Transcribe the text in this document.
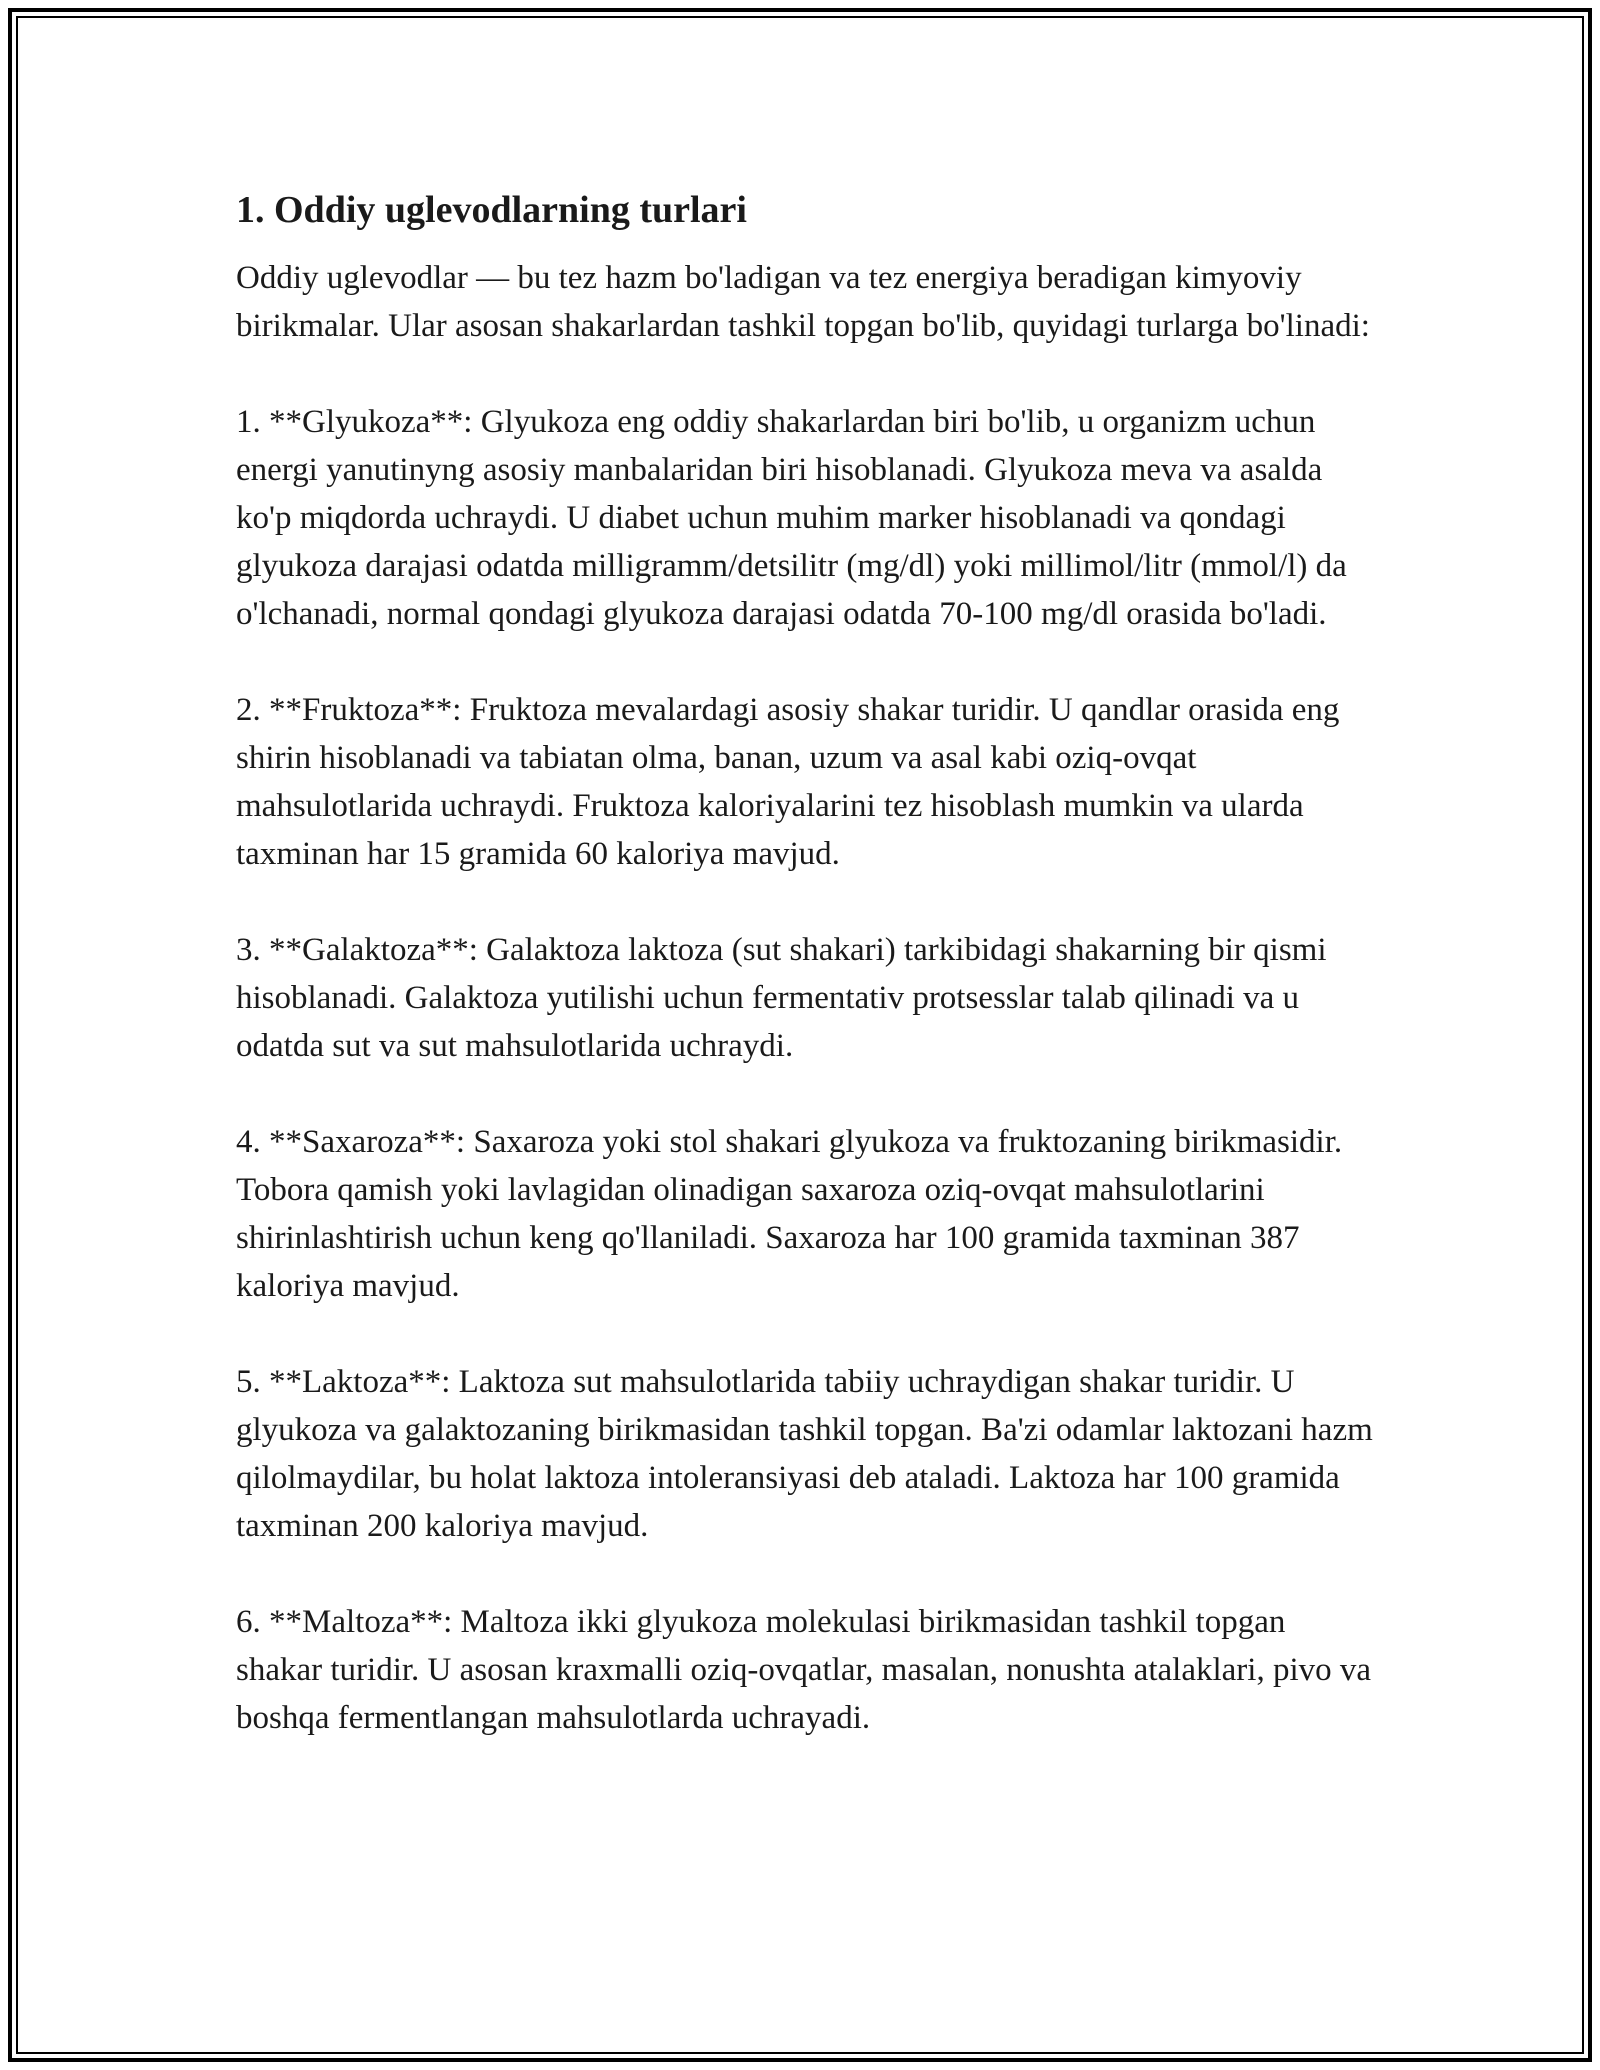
1. Oddiy uglevodlarning turlari

Oddiy uglevodlar — bu tez hazm bo'ladigan va tez energiya beradigan kimyoviy birikmalar. Ular asosan shakarlardan tashkil topgan bo'lib, quyidagi turlarga bo'linadi:

1. **Glyukoza**: Glyukoza eng oddiy shakarlardan biri bo'lib, u organizm uchun energi yanutinyng asosiy manbalaridan biri hisoblanadi. Glyukoza meva va asalda ko'p miqdorda uchraydi. U diabet uchun muhim marker hisoblanadi va qondagi glyukoza darajasi odatda milligramm/detsilitr (mg/dl) yoki millimol/litr (mmol/l) da o'lchanadi, normal qondagi glyukoza darajasi odatda 70-100 mg/dl orasida bo'ladi.

2. **Fruktoza**: Fruktoza mevalardagi asosiy shakar turidir. U qandlar orasida eng shirin hisoblanadi va tabiatan olma, banan, uzum va asal kabi oziq-ovqat mahsulotlarida uchraydi. Fruktoza kaloriyalarini tez hisoblash mumkin va ularda taxminan har 15 gramida 60 kaloriya mavjud.

3. **Galaktoza**: Galaktoza laktoza (sut shakari) tarkibidagi shakarning bir qismi hisoblanadi. Galaktoza yutilishi uchun fermentativ protsesslar talab qilinadi va u odatda sut va sut mahsulotlarida uchraydi.

4. **Saxaroza**: Saxaroza yoki stol shakari glyukoza va fruktozaning birikmasidir. Tobora qamish yoki lavlagidan olinadigan saxaroza oziq-ovqat mahsulotlarini shirinlashtirish uchun keng qo'llaniladi. Saxaroza har 100 gramida taxminan 387 kaloriya mavjud.

5. **Laktoza**: Laktoza sut mahsulotlarida tabiiy uchraydigan shakar turidir. U glyukoza va galaktozaning birikmasidan tashkil topgan. Ba'zi odamlar laktozani hazm qilolmaydilar, bu holat laktoza intoleransiyasi deb ataladi. Laktoza har 100 gramida taxminan 200 kaloriya mavjud.

6. **Maltoza**: Maltoza ikki glyukoza molekulasi birikmasidan tashkil topgan shakar turidir. U asosan kraxmalli oziq-ovqatlar, masalan, nonushta atalaklari, pivo va boshqa fermentlangan mahsulotlarda uchrayadi.
